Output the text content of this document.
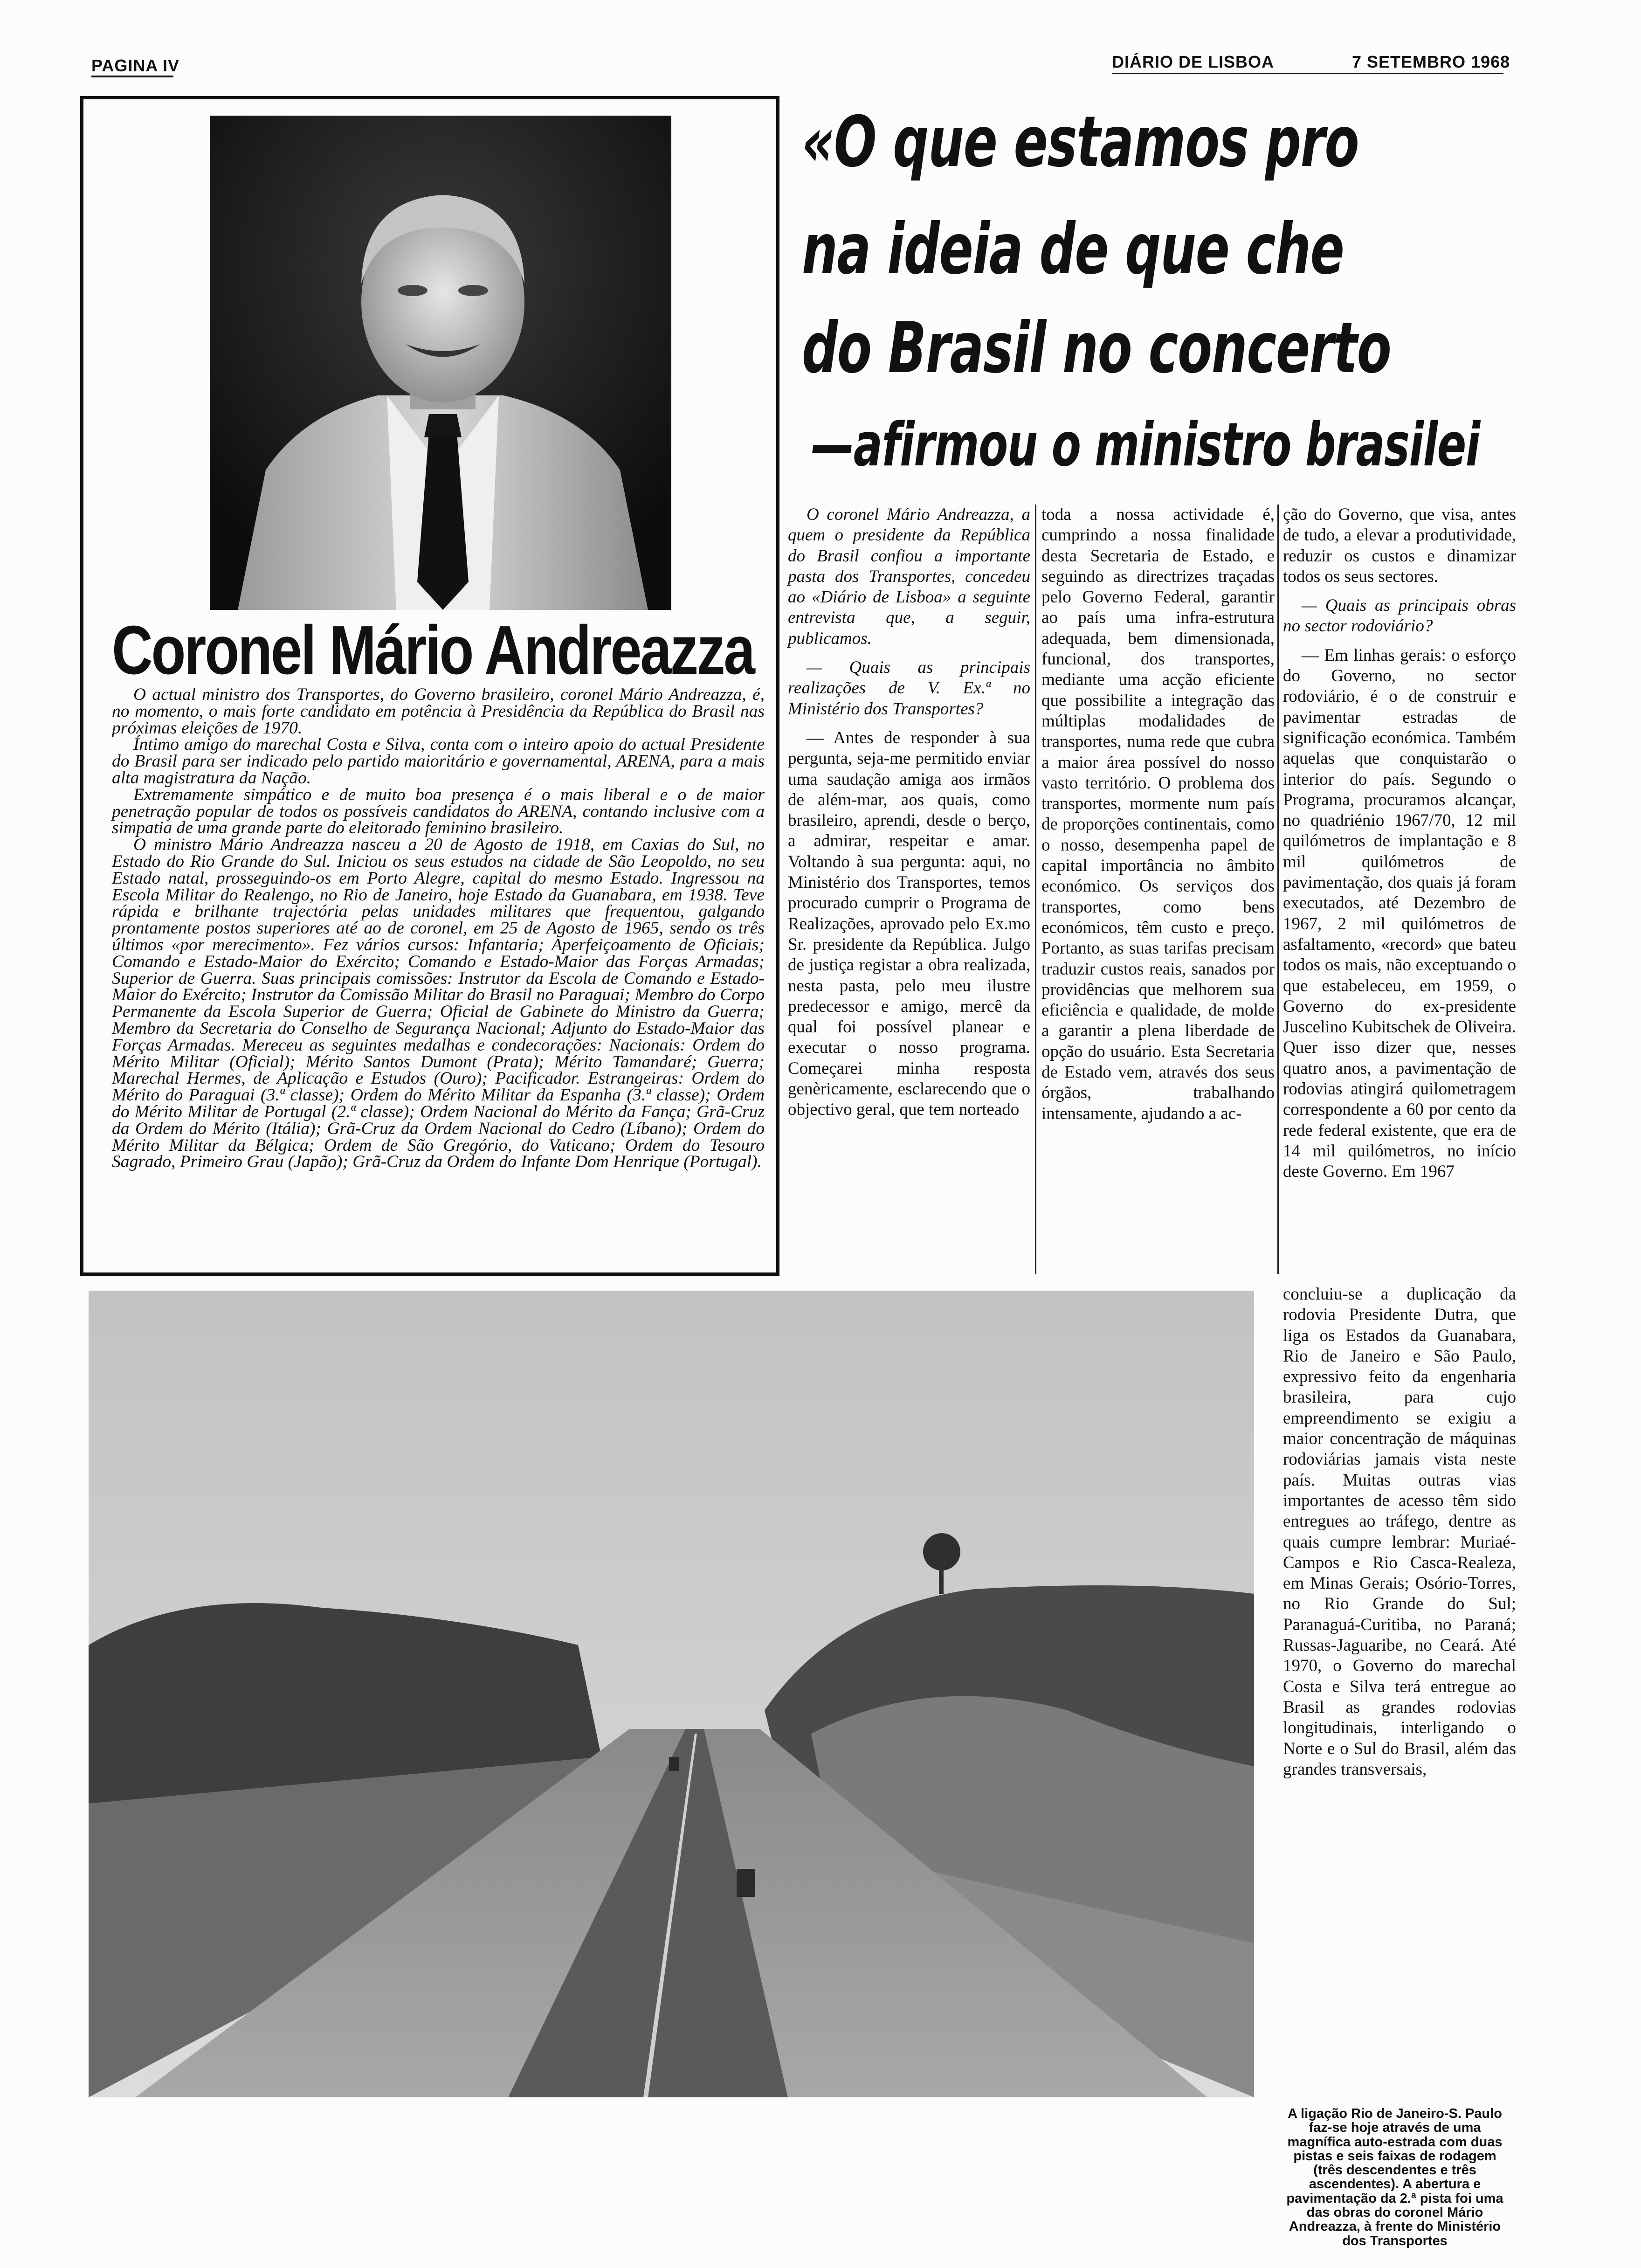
PAGINA IV	DIÁRIO DE LISBOA	7 SETEMBRO 1968
Coronel Mário Andreazza

O actual ministro dos Transportes, do Governo brasileiro, coronel Mário Andreazza, é, no momento, o mais forte candidato em potência à Presidência da República do Brasil nas próximas eleições de 1970.

Íntimo amigo do marechal Costa e Silva, conta com o inteiro apoio do actual Presidente do Brasil para ser indicado pelo partido maioritário e governamental, ARENA, para a mais alta magistratura da Nação.

Extremamente simpático e de muito boa presença é o mais liberal e o de maior penetração popular de todos os possíveis candidatos do ARENA, contando inclusive com a simpatia de uma grande parte do eleitorado feminino brasileiro.

O ministro Mário Andreazza nasceu a 20 de Agosto de 1918, em Caxias do Sul, no Estado do Rio Grande do Sul. Iniciou os seus estudos na cidade de São Leopoldo, no seu Estado natal, prosseguindo-os em Porto Alegre, capital do mesmo Estado. Ingressou na Escola Militar do Realengo, no Rio de Janeiro, hoje Estado da Guanabara, em 1938. Teve rápida e brilhante trajectória pelas unidades militares que frequentou, galgando prontamente postos superiores até ao de coronel, em 25 de Agosto de 1965, sendo os três últimos «por merecimento». Fez vários cursos: Infantaria; Aperfeiçoamento de Oficiais; Comando e Estado-Maior do Exército; Comando e Estado-Maior das Forças Armadas; Superior de Guerra. Suas principais comissões: Instrutor da Escola de Comando e Estado-Maior do Exército; Instrutor da Comissão Militar do Brasil no Paraguai; Membro do Corpo Permanente da Escola Superior de Guerra; Oficial de Gabinete do Ministro da Guerra; Membro da Secretaria do Conselho de Segurança Nacional; Adjunto do Estado-Maior das Forças Armadas. Mereceu as seguintes medalhas e condecorações: Nacionais: Ordem do Mérito Militar (Oficial); Mérito Santos Dumont (Prata); Mérito Tamandaré; Guerra; Marechal Hermes, de Aplicação e Estudos (Ouro); Pacificador. Estrangeiras: Ordem do Mérito do Paraguai (3.ª classe); Ordem do Mérito Militar da Espanha (3.ª classe); Ordem do Mérito Militar de Portugal (2.ª classe); Ordem Nacional do Mérito da Fança; Grã-Cruz da Ordem do Mérito (Itália); Grã-Cruz da Ordem Nacional do Cedro (Líbano); Ordem do Mérito Militar da Bélgica; Ordem de São Gregório, do Vaticano; Ordem do Tesouro Sagrado, Primeiro Grau (Japão); Grã-Cruz da Ordem do Infante Dom Henrique (Portugal).

«O que estamos pro
na ideia de que che
do Brasil no concerto
—afirmou o ministro brasilei

O coronel Mário Andreazza, a quem o presidente da República do Brasil confiou a importante pasta dos Transportes, concedeu ao «Diário de Lisboa» a seguinte entrevista que, a seguir, publicamos.

— Quais as principais realizações de V. Ex.ª no Ministério dos Transportes?

— Antes de responder à sua pergunta, seja-me permitido enviar uma saudação amiga aos irmãos de além-mar, aos quais, como brasileiro, aprendi, desde o berço, a admirar, respeitar e amar. Voltando à sua pergunta: aqui, no Ministério dos Transportes, temos procurado cumprir o Programa de Realizações, aprovado pelo Ex.mo Sr. presidente da República. Julgo de justiça registar a obra realizada, nesta pasta, pelo meu ilustre predecessor e amigo, mercê da qual foi possível planear e executar o nosso programa. Começarei minha resposta genèricamente, esclarecendo que o objectivo geral, que tem norteado

toda a nossa actividade é, cumprindo a nossa finalidade desta Secretaria de Estado, e seguindo as directrizes traçadas pelo Governo Federal, garantir ao país uma infra-estrutura adequada, bem dimensionada, funcional, dos transportes, mediante uma acção eficiente que possibilite a integração das múltiplas modalidades de transportes, numa rede que cubra a maior área possível do nosso vasto território. O problema dos transportes, mormente num país de proporções continentais, como o nosso, desempenha papel de capital importância no âmbito económico. Os serviços dos transportes, como bens económicos, têm custo e preço. Portanto, as suas tarifas precisam traduzir custos reais, sanados por providências que melhorem sua eficiência e qualidade, de molde a garantir a plena liberdade de opção do usuário. Esta Secretaria de Estado vem, através dos seus órgãos, trabalhando intensamente, ajudando a ac-

ção do Governo, que visa, antes de tudo, a elevar a produtividade, reduzir os custos e dinamizar todos os seus sectores.

— Quais as principais obras no sector rodoviário?

— Em linhas gerais: o esforço do Governo, no sector rodoviário, é o de construir e pavimentar estradas de significação económica. Também aquelas que conquistarão o interior do país. Segundo o Programa, procuramos alcançar, no quadriénio 1967/70, 12 mil quilómetros de implantação e 8 mil quilómetros de pavimentação, dos quais já foram executados, até Dezembro de 1967, 2 mil quilómetros de asfaltamento, «record» que bateu todos os mais, não exceptuando o que estabeleceu, em 1959, o Governo do ex-presidente Juscelino Kubitschek de Oliveira. Quer isso dizer que, nesses quatro anos, a pavimentação de rodovias atingirá quilometragem correspondente a 60 por cento da rede federal existente, que era de 14 mil quilómetros, no início deste Governo. Em 1967

concluiu-se a duplicação da rodovia Presidente Dutra, que liga os Estados da Guanabara, Rio de Janeiro e São Paulo, expressivo feito da engenharia brasileira, para cujo empreendimento se exigiu a maior concentração de máquinas rodoviárias jamais vista neste país. Muitas outras vias importantes de acesso têm sido entregues ao tráfego, dentre as quais cumpre lembrar: Muriaé-Campos e Rio Casca-Realeza, em Minas Gerais; Osório-Torres, no Rio Grande do Sul; Paranaguá-Curitiba, no Paraná; Russas-Jaguaribe, no Ceará. Até 1970, o Governo do marechal Costa e Silva terá entregue ao Brasil as grandes rodovias longitudinais, interligando o Norte e o Sul do Brasil, além das grandes transversais,

A ligação Rio de Janeiro-S. Paulo faz-se hoje através de uma magnífica auto-estrada com duas pistas e seis faixas de rodagem (três descendentes e três ascendentes). A abertura e pavimentação da 2.ª pista foi uma das obras do coronel Mário Andreazza, à frente do Ministério dos Transportes
